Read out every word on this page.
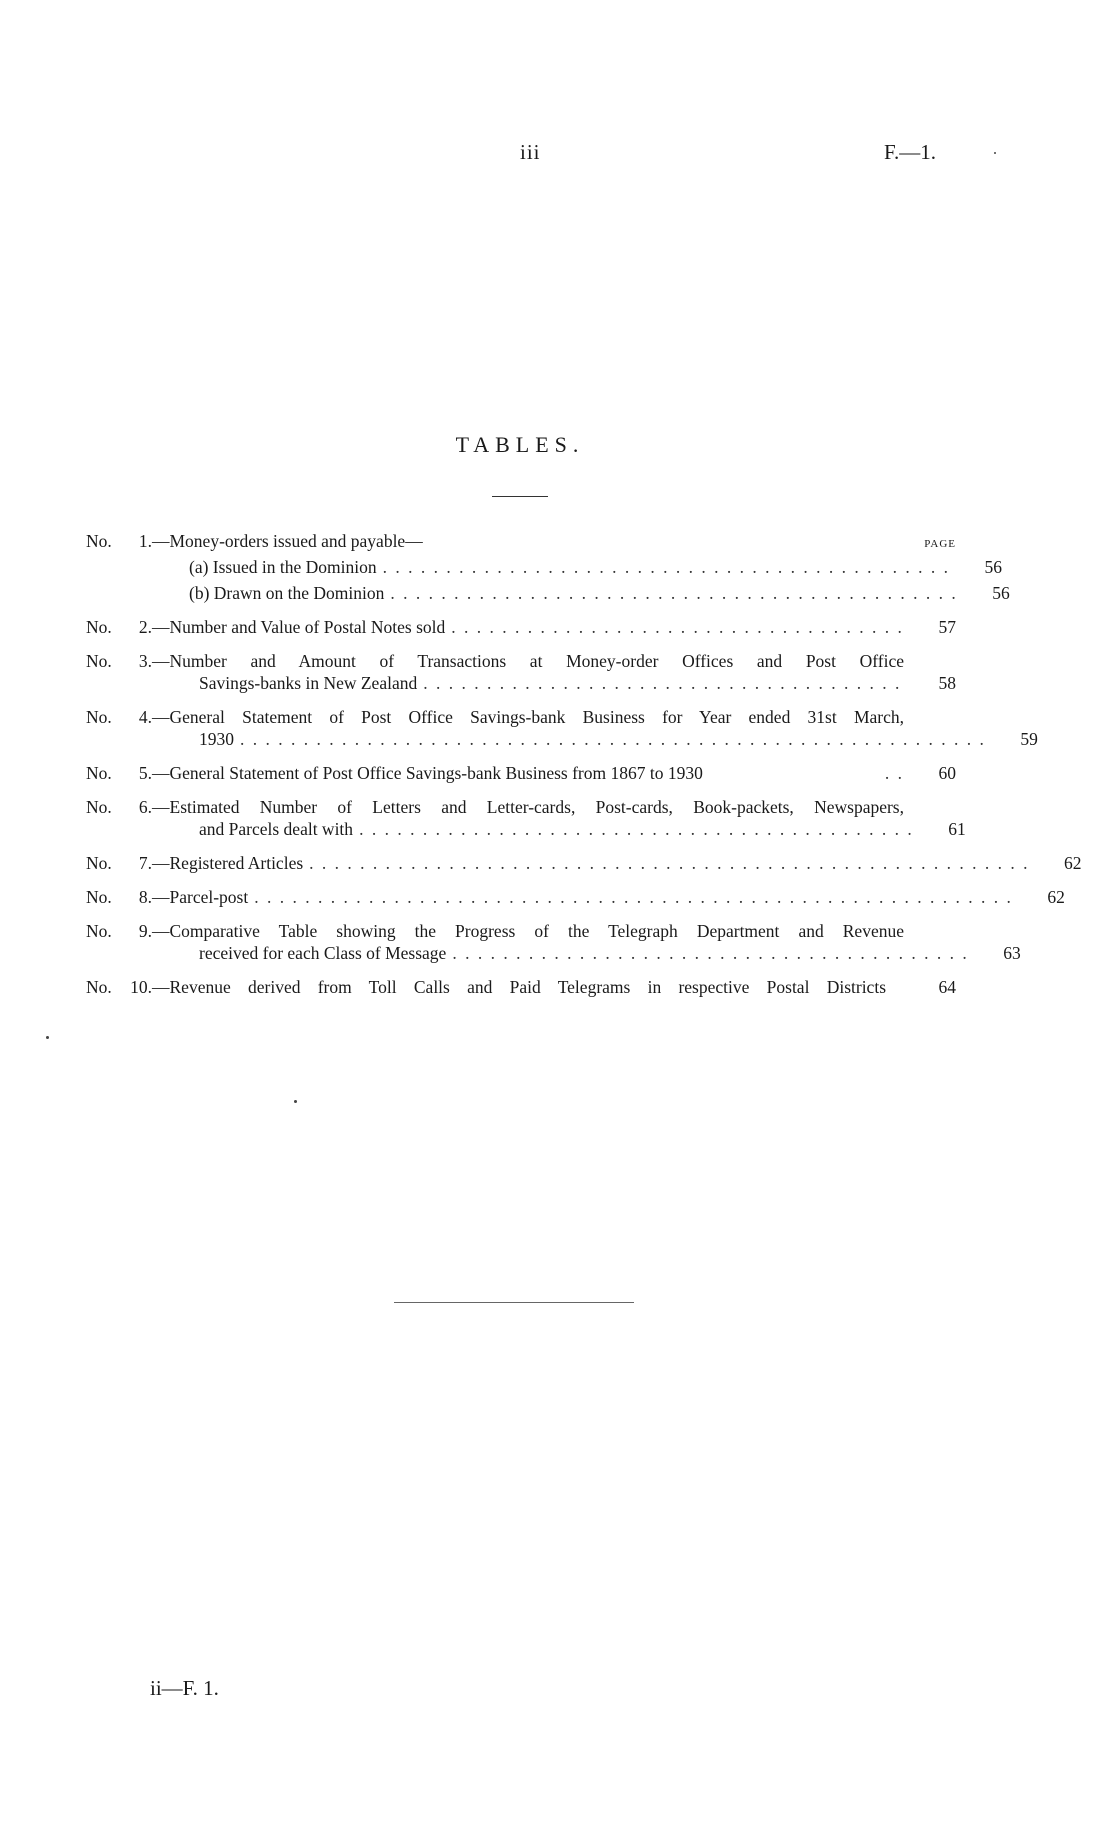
iii	F.—1.
TABLES.
No.	1. —Money-orders issued and payable—	PAGE
(a) Issued in the Dominion . . . . . . . . . . . . . . . . . . . . . . . . . . . . . . . . . . . . . . . . . . . . .	56
(b) Drawn on the Dominion . . . . . . . . . . . . . . . . . . . . . . . . . . . . . . . . . . . . . . . . . . . . .	56
No.	2. —Number and Value of Postal Notes sold . . . . . . . . . . . . . . . . . . . . . . . . . . . . . . . . . . . .	57
No.	3. —Number and Amount of Transactions at Money-order Offices and Post Office
Savings-banks in New Zealand . . . . . . . . . . . . . . . . . . . . . . . . . . . . . . . . . . . . . .	58
No.	4. —General Statement of Post Office Savings-bank Business for Year ended 31st March,
1930 . . . . . . . . . . . . . . . . . . . . . . . . . . . . . . . . . . . . . . . . . . . . . . . . . . . . . . . . . . .	59
No.	5. —General Statement of Post Office Savings-bank Business from 1867 to 1930	. .	60
No.	6. —Estimated Number of Letters and Letter-cards, Post-cards, Book-packets, Newspapers,
and Parcels dealt with . . . . . . . . . . . . . . . . . . . . . . . . . . . . . . . . . . . . . . . . . . . .	61
No.	7. —Registered Articles . . . . . . . . . . . . . . . . . . . . . . . . . . . . . . . . . . . . . . . . . . . . . . . . . . . . . . . . .	62
No.	8. —Parcel-post . . . . . . . . . . . . . . . . . . . . . . . . . . . . . . . . . . . . . . . . . . . . . . . . . . . . . . . . . . . .	62
No.	9. —Comparative Table showing the Progress of the Telegraph Department and Revenue
received for each Class of Message . . . . . . . . . . . . . . . . . . . . . . . . . . . . . . . . . . . . . . . . .	63
No.	10. —Revenue derived from Toll Calls and Paid Telegrams in respective Postal Districts	64
ii—F. 1.
